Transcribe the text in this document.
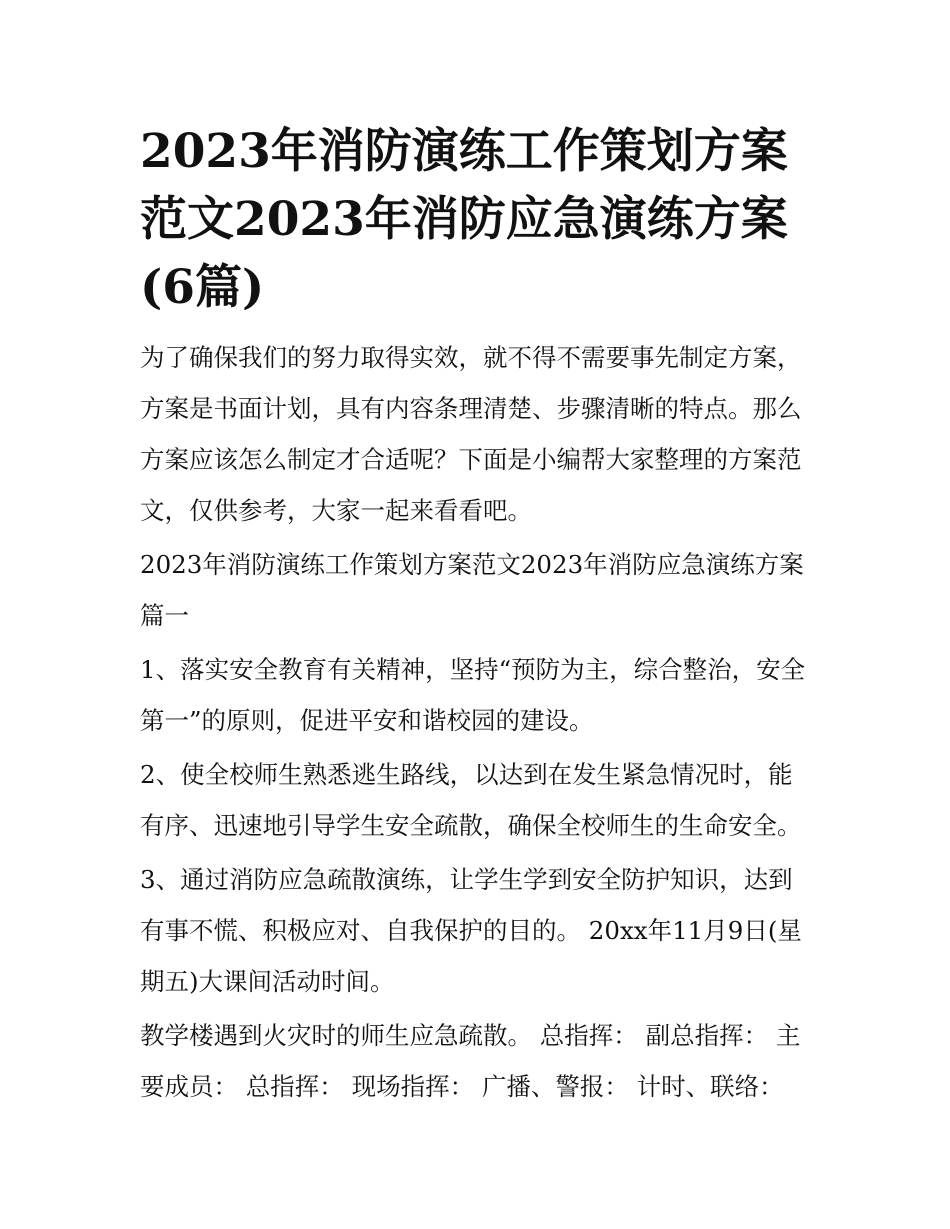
2023年消防演练工作策划方案范文2023年消防应急演练方案(6篇)

为了确保我们的努力取得实效，就不得不需要事先制定方案，方案是书面计划，具有内容条理清楚、步骤清晰的特点。那么方案应该怎么制定才合适呢？下面是小编帮大家整理的方案范文，仅供参考，大家一起来看看吧。

2023年消防演练工作策划方案范文2023年消防应急演练方案篇一

1、落实安全教育有关精神，坚持“预防为主，综合整治，安全第一”的原则，促进平安和谐校园的建设。

2、使全校师生熟悉逃生路线，以达到在发生紧急情况时，能有序、迅速地引导学生安全疏散，确保全校师生的生命安全。

3、通过消防应急疏散演练，让学生学到安全防护知识，达到有事不慌、积极应对、自我保护的目的。 20xx年11月9日(星期五)大课间活动时间。

教学楼遇到火灾时的师生应急疏散。 总指挥： 副总指挥： 主要成员： 总指挥： 现场指挥： 广播、警报： 计时、联络：
